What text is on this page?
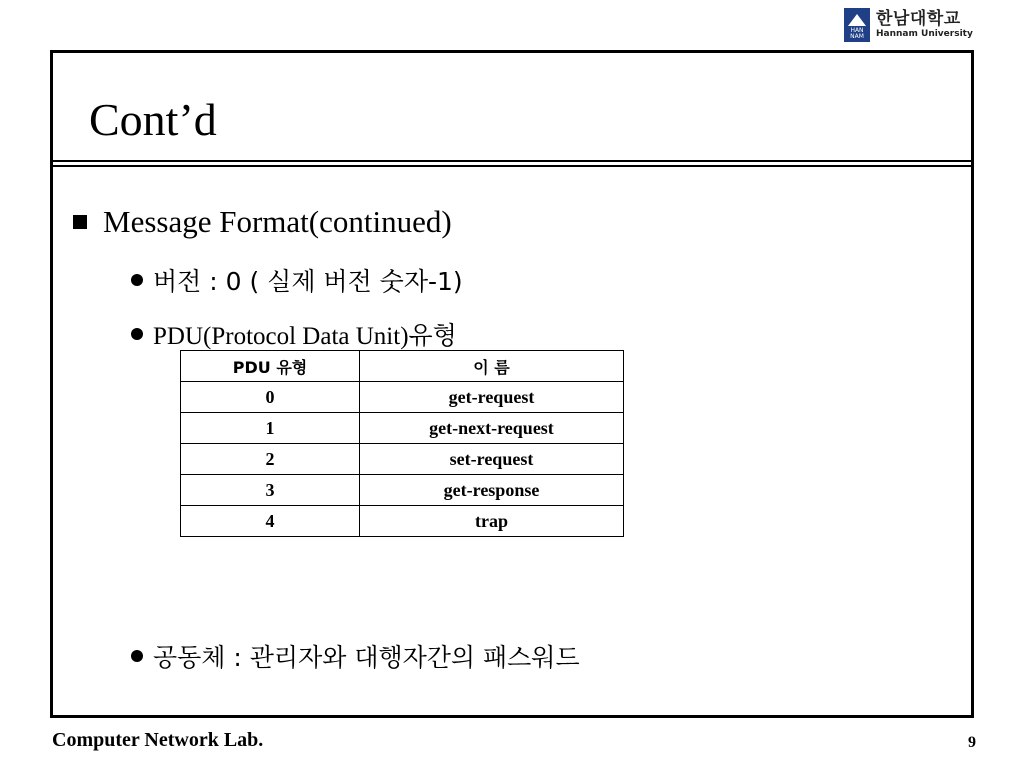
HAN NAM
한남대학교
Hannam University
Cont’d
Message Format(continued)
버전 : 0 ( 실제 버전 숫자-1)
PDU(Protocol Data Unit)유형
PDU 유형	이 름
0	get-request
1	get-next-request
2	set-request
3	get-response
4	trap
공동체 : 관리자와 대행자간의 패스워드
Computer Network Lab.	9
